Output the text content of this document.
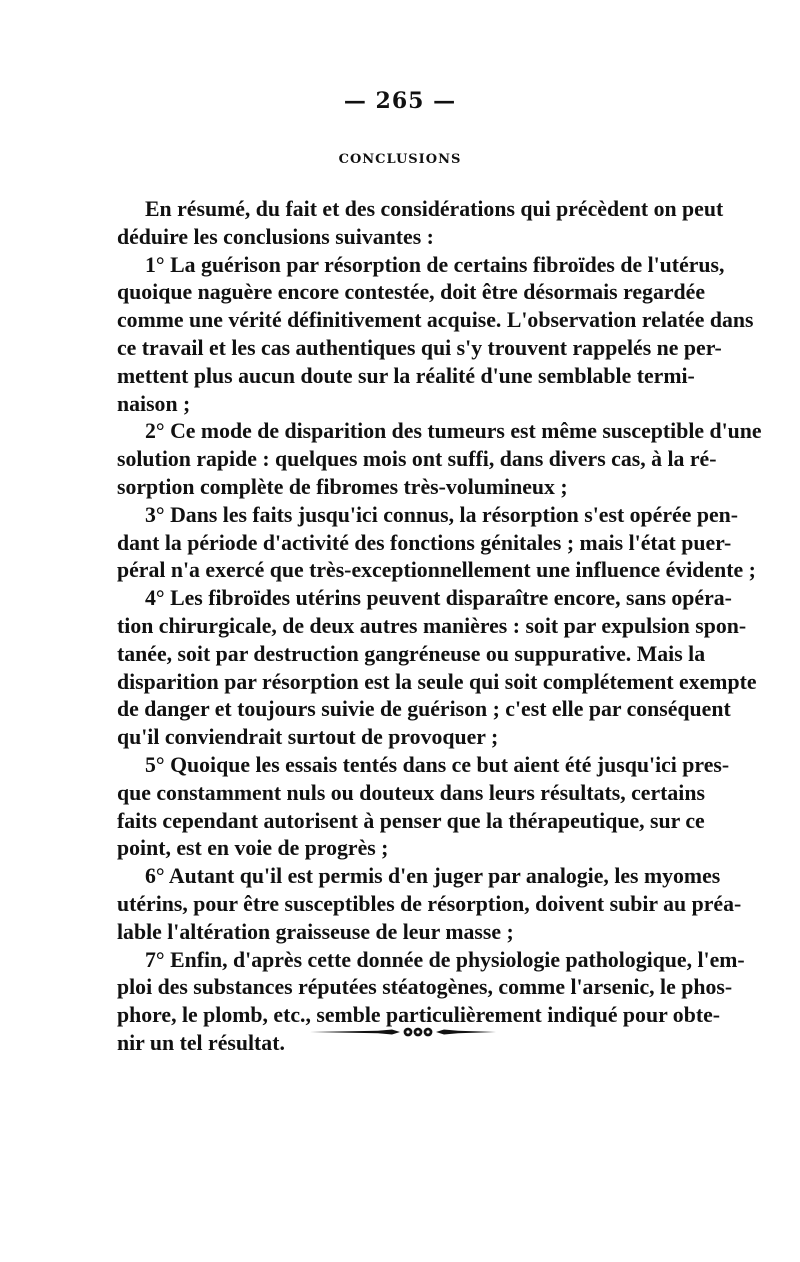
— 265 —
CONCLUSIONS
En résumé, du fait et des considérations qui précèdent on peut
déduire les conclusions suivantes :
1° La guérison par résorption de certains fibroïdes de l'utérus,
quoique naguère encore contestée, doit être désormais regardée
comme une vérité définitivement acquise. L'observation relatée dans
ce travail et les cas authentiques qui s'y trouvent rappelés ne per-
mettent plus aucun doute sur la réalité d'une semblable termi-
naison ;
2° Ce mode de disparition des tumeurs est même susceptible d'une
solution rapide : quelques mois ont suffi, dans divers cas, à la ré-
sorption complète de fibromes très-volumineux ;
3° Dans les faits jusqu'ici connus, la résorption s'est opérée pen-
dant la période d'activité des fonctions génitales ; mais l'état puer-
péral n'a exercé que très-exceptionnellement une influence évidente ;
4° Les fibroïdes utérins peuvent disparaître encore, sans opéra-
tion chirurgicale, de deux autres manières : soit par expulsion spon-
tanée, soit par destruction gangréneuse ou suppurative. Mais la
disparition par résorption est la seule qui soit complétement exempte
de danger et toujours suivie de guérison ; c'est elle par conséquent
qu'il conviendrait surtout de provoquer ;
5° Quoique les essais tentés dans ce but aient été jusqu'ici pres-
que constamment nuls ou douteux dans leurs résultats, certains
faits cependant autorisent à penser que la thérapeutique, sur ce
point, est en voie de progrès ;
6° Autant qu'il est permis d'en juger par analogie, les myomes
utérins, pour être susceptibles de résorption, doivent subir au préa-
lable l'altération graisseuse de leur masse ;
7° Enfin, d'après cette donnée de physiologie pathologique, l'em-
ploi des substances réputées stéatogènes, comme l'arsenic, le phos-
phore, le plomb, etc., semble particulièrement indiqué pour obte-
nir un tel résultat.
